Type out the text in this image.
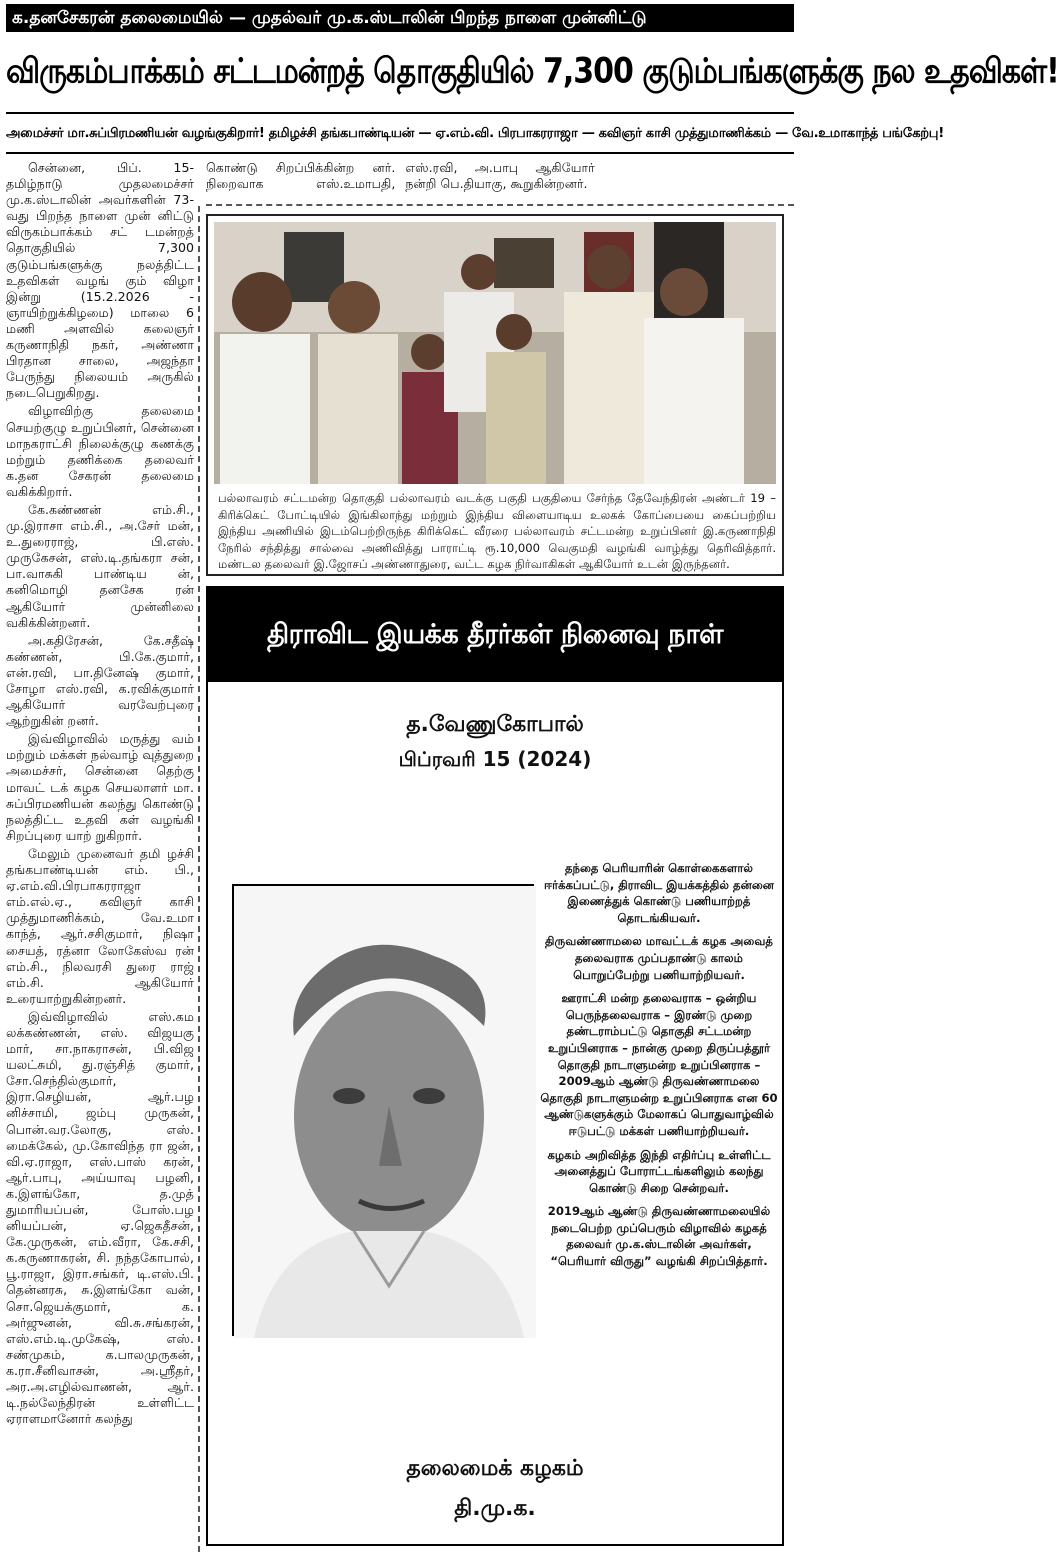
க.தனசேகரன் தலைமையில் — முதல்வர் மு.க.ஸ்டாலின் பிறந்த நாளை முன்னிட்டு
விருகம்பாக்கம் சட்டமன்றத் தொகுதியில் 7,300 குடும்பங்களுக்கு நல உதவிகள்!
அமைச்சர் மா.சுப்பிரமணியன் வழங்குகிறார்! தமிழச்சி தங்கபாண்டியன் — ஏ.எம்.வி. பிரபாகரராஜா — கவிஞர் காசி முத்துமாணிக்கம் — வே.உமாகாந்த் பங்கேற்பு!

சென்னை, பிப். 15- தமிழ்நாடு முதலமைச்சர் மு.க.ஸ்டாலின் அவர்களின் 73-வது பிறந்த நாளை முன் னிட்டு விருகம்பாக்கம் சட் டமன்றத் தொகுதியில் 7,300 குடும்பங்களுக்கு நலத்திட்ட உதவிகள் வழங் கும் விழா இன்று (15.2.2026 - ஞாயிற்றுக்கிழமை) மாலை 6 மணி அளவில் கலைஞர் கருணாநிதி நகர், அண்ணா பிரதான சாலை, அஜந்தா பேருந்து நிலையம் அருகில் நடைபெறுகிறது.

விழாவிற்கு தலைமை செயற்குழு உறுப்பினர், சென்னை மாநகராட்சி நிலைக்குழு கணக்கு மற்றும் தணிக்கை தலைவர் க.தன சேகரன் தலைமை வகிக்கிறார்.

கே.கண்ணன் எம்.சி., மு.இராசா எம்.சி., அ.சேர் மன், உ.துரைராஜ், பி.எஸ். முருகேசன், எஸ்.டி.தங்கரா சன், பா.வாசுகி பாண்டிய ன், கனிமொழி தனசேக ரன் ஆகியோர் முன்னிலை வகிக்கின்றனர்.

அ.கதிரேசன், கே.சதீஷ் கண்ணன், பி.கே.குமார், என்.ரவி, பா.தினேஷ் குமார், சோழா எஸ்.ரவி, க.ரவிக்குமார் ஆகியோர் வரவேற்புரை ஆற்றுகின் றனர்.

இவ்விழாவில் மருத்து வம் மற்றும் மக்கள் நல்வாழ் வுத்துறை அமைச்சர், சென்னை தெற்கு மாவட் டக் கழக செயலாளர் மா. சுப்பிரமணியன் கலந்து கொண்டு நலத்திட்ட உதவி கள் வழங்கி சிறப்புரை யாற் றுகிறார்.

மேலும் முனைவர் தமி ழச்சி தங்கபாண்டியன் எம். பி., ஏ.எம்.வி.பிரபாகரராஜா எம்.எல்.ஏ., கவிஞர் காசி முத்துமாணிக்கம், வே.உமா காந்த், ஆர்.சசிகுமார், நிஷா சையத், ரத்னா லோகேஸ்வ ரன் எம்.சி., நிலவரசி துரை ராஜ் எம்.சி. ஆகியோர் உரையாற்றுகின்றனர்.

இவ்விழாவில் எஸ்.கம லக்கண்ணன், எஸ். விஜயகு மார், சா.நாகராசன், பி.விஜ யலட்சுமி, து.ரஞ்சித் குமார், சோ.செந்தில்குமார், இரா.செழியன், ஆர்.பழ னிச்சாமி, ஜம்பு முருகன், பொன்.வர.லோகு, எஸ். மைக்கேல், மு.கோவிந்த ரா ஜன், வி.ஏ.ராஜா, எஸ்.பாஸ் கரன், ஆர்.பாபு, அய்யாவு பழனி, க.இளங்கோ, த.முத் துமாரியப்பன், போஸ்.பழ னியப்பன், ஏ.ஜெகதீசன், கே.முருகன், எம்.வீரா, கே.சசி, க.கருணாகரன், சி. நந்தகோபால், பூ.ராஜா, இரா.சங்கர், டி.எஸ்.பி. தென்னரசு, சு.இளங்கோ வன், சொ.ஜெயக்குமார், க. அர்ஜுனன், வி.சு.சங்கரன், எஸ்.எம்.டி.முகேஷ், எஸ். சண்முகம், க.பாலமுருகன், க.ரா.சீனிவாசன், அ.ஸ்ரீதர், அர.அ.எழில்வாணன், ஆர். டி.நல்லேந்திரன் உள்ளிட்ட ஏராளமானோர் கலந்து

கொண்டு சிறப்பிக்கின்ற னர். நிறைவாக எஸ்.உமாபதி, எஸ்.ரவி, அ.பாபு ஆகியோர் நன்றி பெ.தியாகு, கூறுகின்றனர்.
பல்லாவரம் சட்டமன்ற தொகுதி பல்லாவரம் வடக்கு பகுதி பகுதியை சேர்ந்த தேவேந்திரன் அண்டர் 19 – கிரிக்கெட் போட்டியில் இங்கிலாந்து மற்றும் இந்திய விளையாடிய உலகக் கோப்பையை கைப்பற்றிய இந்திய அணியில் இடம்பெற்றிருந்த கிரிக்கெட் வீரரை பல்லாவரம் சட்டமன்ற உறுப்பினர் இ.கருணாநிதி நேரில் சந்தித்து சால்வை அணிவித்து பாராட்டி ரூ.10,000 வெகுமதி வழங்கி வாழ்த்து தெரிவித்தார். மண்டல தலைவர் இ.ஜோசப் அண்ணாதுரை, வட்ட கழக நிர்வாகிகள் ஆகியோர் உடன் இருந்தனர்.
திராவிட இயக்க தீரர்கள் நினைவு நாள்
த.வேணுகோபால்
பிப்ரவரி 15 (2024)

தந்தை பெரியாரின் கொள்கைகளால் ஈர்க்கப்பட்டு, திராவிட இயக்கத்தில் தன்னை இணைத்துக் கொண்டு பணியாற்றத் தொடங்கியவர்.

திருவண்ணாமலை மாவட்டக் கழக அவைத் தலைவராக முப்பதாண்டு காலம் பொறுப்பேற்று பணியாற்றியவர்.

ஊராட்சி மன்ற தலைவராக – ஒன்றிய பெருந்தலைவராக – இரண்டு முறை தண்டராம்பட்டு தொகுதி சட்டமன்ற உறுப்பினராக – நான்கு முறை திருப்பத்தூர் தொகுதி நாடாளுமன்ற உறுப்பினராக – 2009ஆம் ஆண்டு திருவண்ணாமலை தொகுதி நாடாளுமன்ற உறுப்பினராக என 60 ஆண்டுகளுக்கும் மேலாகப் பொதுவாழ்வில் ஈடுபட்டு மக்கள் பணியாற்றியவர்.

கழகம் அறிவித்த இந்தி எதிர்ப்பு உள்ளிட்ட அனைத்துப் போராட்டங்களிலும் கலந்து கொண்டு சிறை சென்றவர்.

2019ஆம் ஆண்டு திருவண்ணாமலையில் நடைபெற்ற முப்பெரும் விழாவில் கழகத் தலைவர் மு.க.ஸ்டாலின் அவர்கள், “பெரியார் விருது” வழங்கி சிறப்பித்தார்.

தலைமைக் கழகம்
தி.மு.க.
